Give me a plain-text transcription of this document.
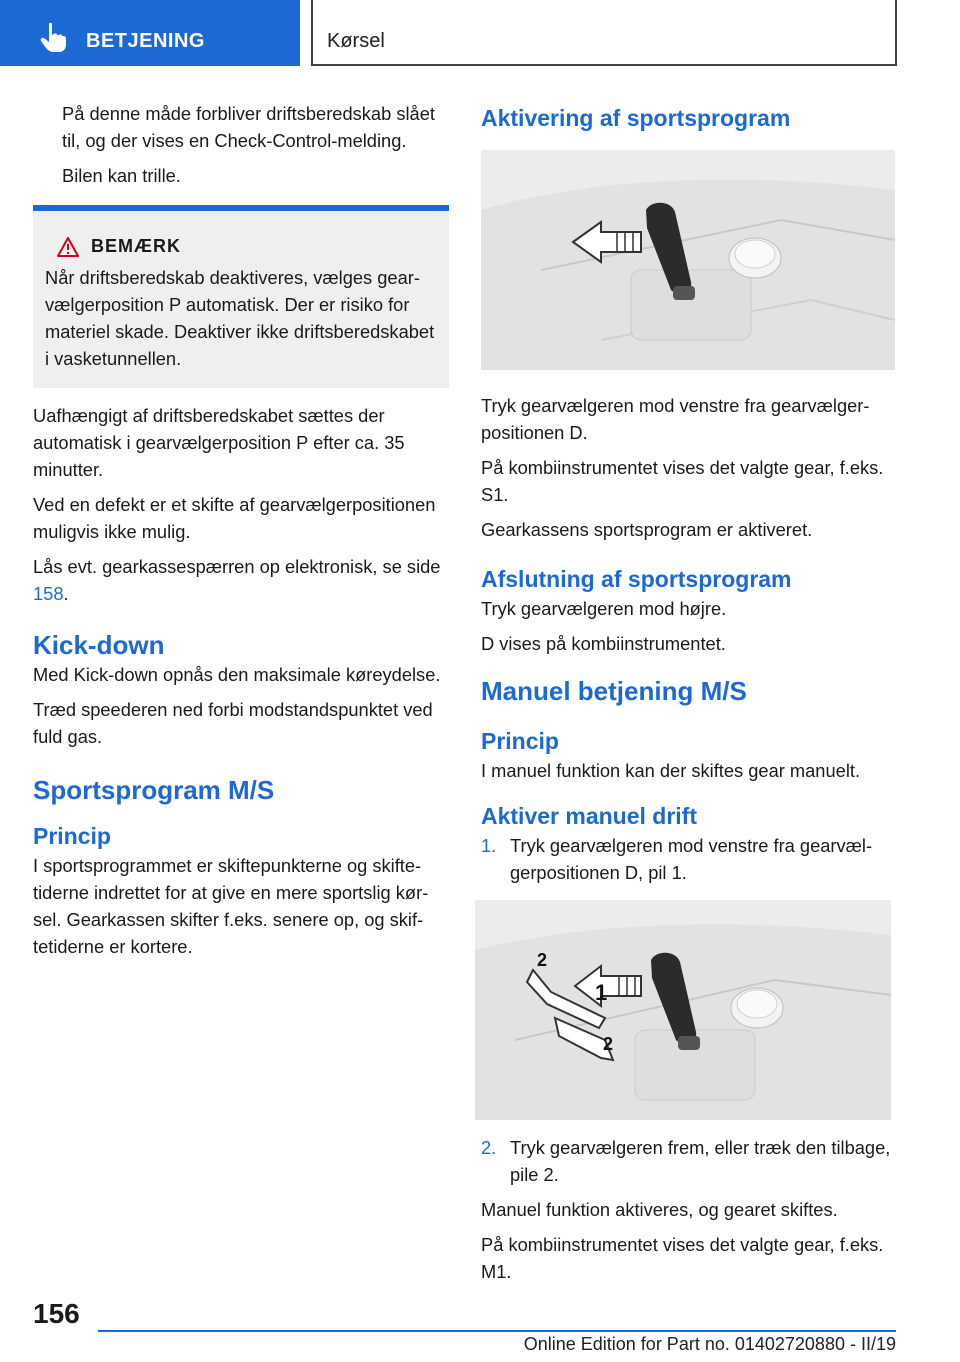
BETJENING	Kørsel

På denne måde forbliver driftsberedskab slået til, og der vises en Check-Control-melding.

Bilen kan trille.

BEMÆRK

Når driftsberedskab deaktiveres, vælges gearvælgerposition P automatisk. Der er risiko for materiel skade. Deaktiver ikke driftsberedskabet i vasketunnellen.

Uafhængigt af driftsberedskabet sættes der automatisk i gearvælgerposition P efter ca. 35 minutter.

Ved en defekt er et skifte af gearvælgerpositionen muligvis ikke mulig.

Lås evt. gearkassespærren op elektronisk, se side 158.

Kick-down

Med Kick-down opnås den maksimale køreydelse.

Træd speederen ned forbi modstandspunktet ved fuld gas.

Sportsprogram M/S
Princip

I sportsprogrammet er skiftepunkterne og skiftetiderne indrettet for at give en mere sportslig kørsel. Gearkassen skifter f.eks. senere op, og skiftetiderne er kortere.

Aktivering af sportsprogram

Tryk gearvælgeren mod venstre fra gearvælgerpositionen D.

På kombiinstrumentet vises det valgte gear, f.eks. S1.

Gearkassens sportsprogram er aktiveret.

Afslutning af sportsprogram

Tryk gearvælgeren mod højre.

D vises på kombiinstrumentet.

Manuel betjening M/S
Princip

I manuel funktion kan der skiftes gear manuelt.

Aktiver manuel drift
1. Tryk gearvælgeren mod venstre fra gearvælgerpositionen D, pil 1.
1
2
2
2. Tryk gearvælgeren frem, eller træk den tilbage, pile 2.

Manuel funktion aktiveres, og gearet skiftes.

På kombiinstrumentet vises det valgte gear, f.eks. M1.

156
Online Edition for Part no. 01402720880 - II/19
